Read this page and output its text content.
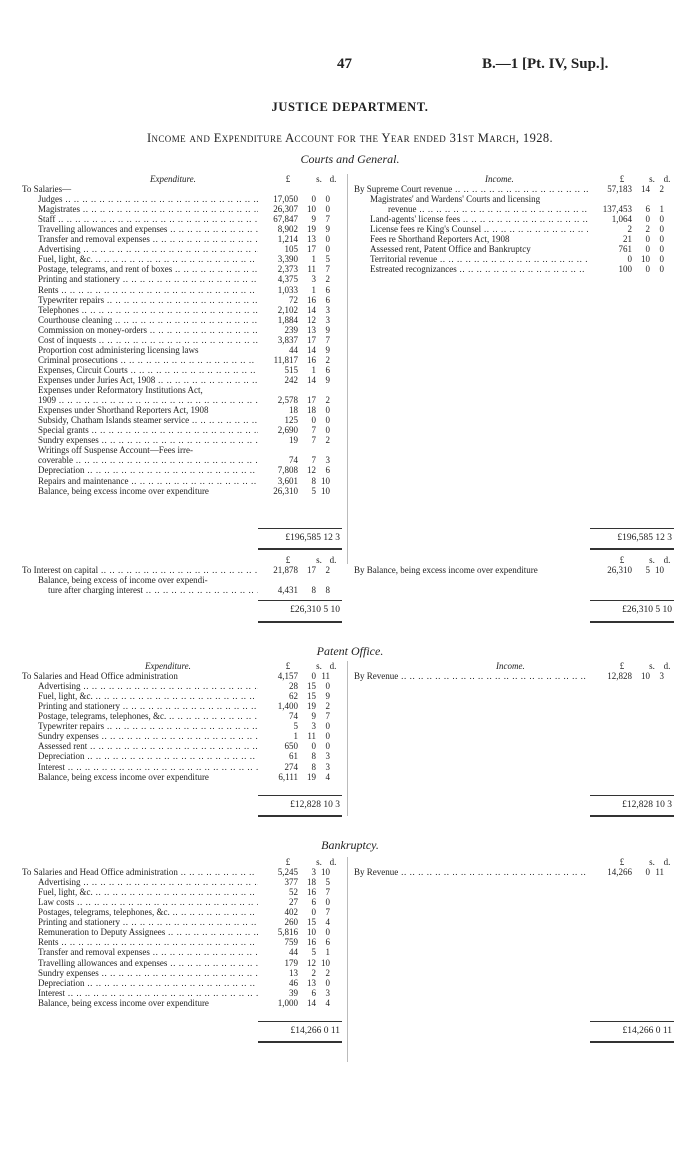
47	B.—1 [Pt. IV, Sup.].
JUSTICE DEPARTMENT.
Income and Expenditure Account for the Year ended 31st March, 1928.
Courts and General.
Expenditure.	Income.
£	s. d.	£	s. d.
To Salaries—
Judges .. ..	17,050	0	0
Magistrates .. ..	26,307	10	0
Staff .. ..	67,847	9	7
Travelling allowances and expenses .. ..	8,902	19	9
Transfer and removal expenses .. ..	1,214	13	0
Advertising .. ..	105	17	0
Fuel, light, &c. .. ..	3,390	1	5
Postage, telegrams, and rent of boxes .. ..	2,373	11	7
Printing and stationery .. ..	4,375	3	2
Rents .. ..	1,033	1	6
Typewriter repairs .. ..	72	16	6
Telephones .. ..	2,102	14	3
Courthouse cleaning .. ..	1,884	12	3
Commission on money-orders .. ..	239	13	9
Cost of inquests .. ..	3,837	17	7
Proportion cost administering licensing laws	44	14	9
Criminal prosecutions .. ..	11,817	16	2
Expenses, Circuit Courts .. ..	515	1	6
Expenses under Juries Act, 1908 .. ..	242	14	9
Expenses under Reformatory Institutions Act,
1909 .. ..	2,578	17	2
Expenses under Shorthand Reporters Act, 1908	18	18	0
Subsidy, Chatham Islands steamer service .. ..	125	0	0
Special grants .. ..	2,690	7	0
Sundry expenses .. ..	19	7	2
Writings off Suspense Account—Fees irre-
coverable .. ..	74	7	3
Depreciation .. ..	7,808	12	6
Repairs and maintenance .. ..	3,601	8 10
Balance, being excess income over expenditure	26,310	5 10
By Supreme Court revenue .. ..	57,183	14	2
Magistrates' and Wardens' Courts and licensing
revenue .. ..	137,453	6	1
Land-agents' license fees .. ..	1,064	0	0
License fees re King's Counsel .. ..	2	2	0
Fees re Shorthand Reporters Act, 1908	21	0	0
Assessed rent, Patent Office and Bankruptcy	761	0	0
Territorial revenue .. ..	0	10	0
Estreated recognizances .. ..	100	0	0
£196,585 12 3	£196,585 12 3
£	s. d.	£	s. d.
To Interest on capital .. ..	21,878	17	2
Balance, being excess of income over expendi-
ture after charging interest .. ..	4,431	8	8
By Balance, being excess income over expenditure	26,310	5 10
£26,310 5 10	£26,310 5 10
Patent Office.
Expenditure.	Income.
£	s. d.	£	s. d.
To Salaries and Head Office administration	4,157	0 11
Advertising .. ..	28	15	0
Fuel, light, &c. .. ..	62	15	9
Printing and stationery .. ..	1,400	19	2
Postage, telegrams, telephones, &c. .. ..	74	9	7
Typewriter repairs .. ..	5	3	0
Sundry expenses .. ..	1	11	0
Assessed rent .. ..	650	0	0
Depreciation .. ..	61	8	3
Interest .. ..	274	8	3
Balance, being excess income over expenditure	6,111	19	4
By Revenue .. ..	12,828	10	3
£12,828 10 3	£12,828 10 3
Bankruptcy.
£	s. d.	£	s. d.
To Salaries and Head Office administration .. ..	5,245	3 10
Advertising .. ..	377	18	5
Fuel, light, &c. .. ..	52	16	7
Law costs .. ..	27	6	0
Postages, telegrams, telephones, &c. .. ..	402	0	7
Printing and stationery .. ..	260	15	4
Remuneration to Deputy Assignees .. ..	5,816	10	0
Rents .. ..	759	16	6
Transfer and removal expenses .. ..	44	5	1
Travelling allowances and expenses .. ..	179	12 10
Sundry expenses .. ..	13	2	2
Depreciation .. ..	46	13	0
Interest .. ..	39	6	3
Balance, being excess income over expenditure	1,000	14	4
By Revenue .. ..	14,266	0 11
£14,266 0 11	£14,266 0 11
